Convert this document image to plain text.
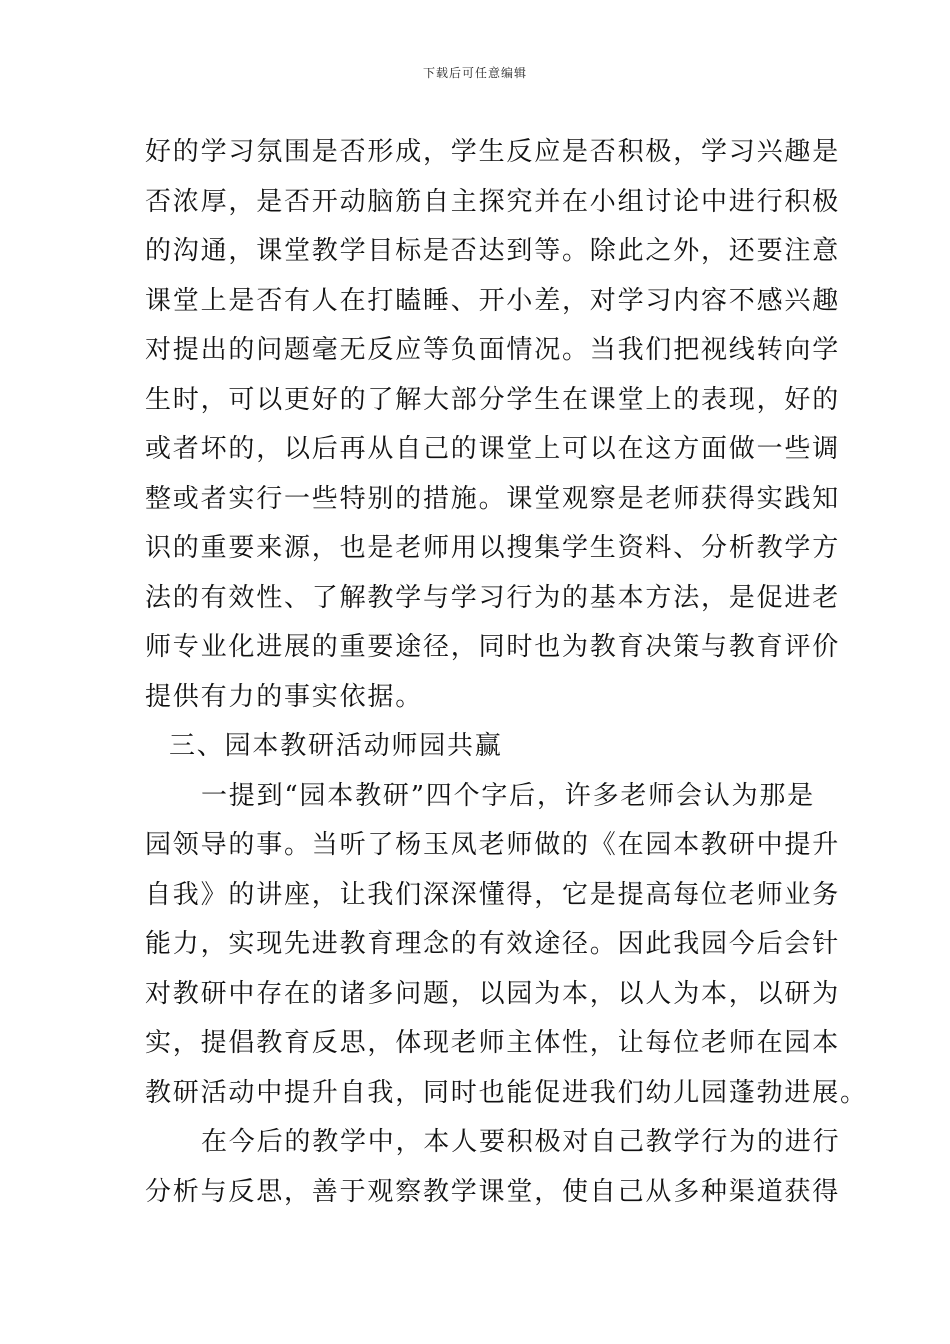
下载后可任意编辑
好的学习氛围是否形成，学生反应是否积极，学习兴趣是
否浓厚，是否开动脑筋自主探究并在小组讨论中进行积极
的沟通，课堂教学目标是否达到等。除此之外，还要注意
课堂上是否有人在打瞌睡、开小差，对学习内容不感兴趣
对提出的问题毫无反应等负面情况。当我们把视线转向学
生时，可以更好的了解大部分学生在课堂上的表现，好的
或者坏的，以后再从自己的课堂上可以在这方面做一些调
整或者实行一些特别的措施。课堂观察是老师获得实践知
识的重要来源，也是老师用以搜集学生资料、分析教学方
法的有效性、了解教学与学习行为的基本方法，是促进老
师专业化进展的重要途径，同时也为教育决策与教育评价
提供有力的事实依据。
三、园本教研活动师园共赢
一提到“园本教研”四个字后，许多老师会认为那是
园领导的事。当听了杨玉凤老师做的《在园本教研中提升
自我》的讲座，让我们深深懂得，它是提高每位老师业务
能力，实现先进教育理念的有效途径。因此我园今后会针
对教研中存在的诸多问题，以园为本，以人为本，以研为
实，提倡教育反思，体现老师主体性，让每位老师在园本
教研活动中提升自我，同时也能促进我们幼儿园蓬勃进展。
在今后的教学中，本人要积极对自己教学行为的进行
分析与反思，善于观察教学课堂，使自己从多种渠道获得
